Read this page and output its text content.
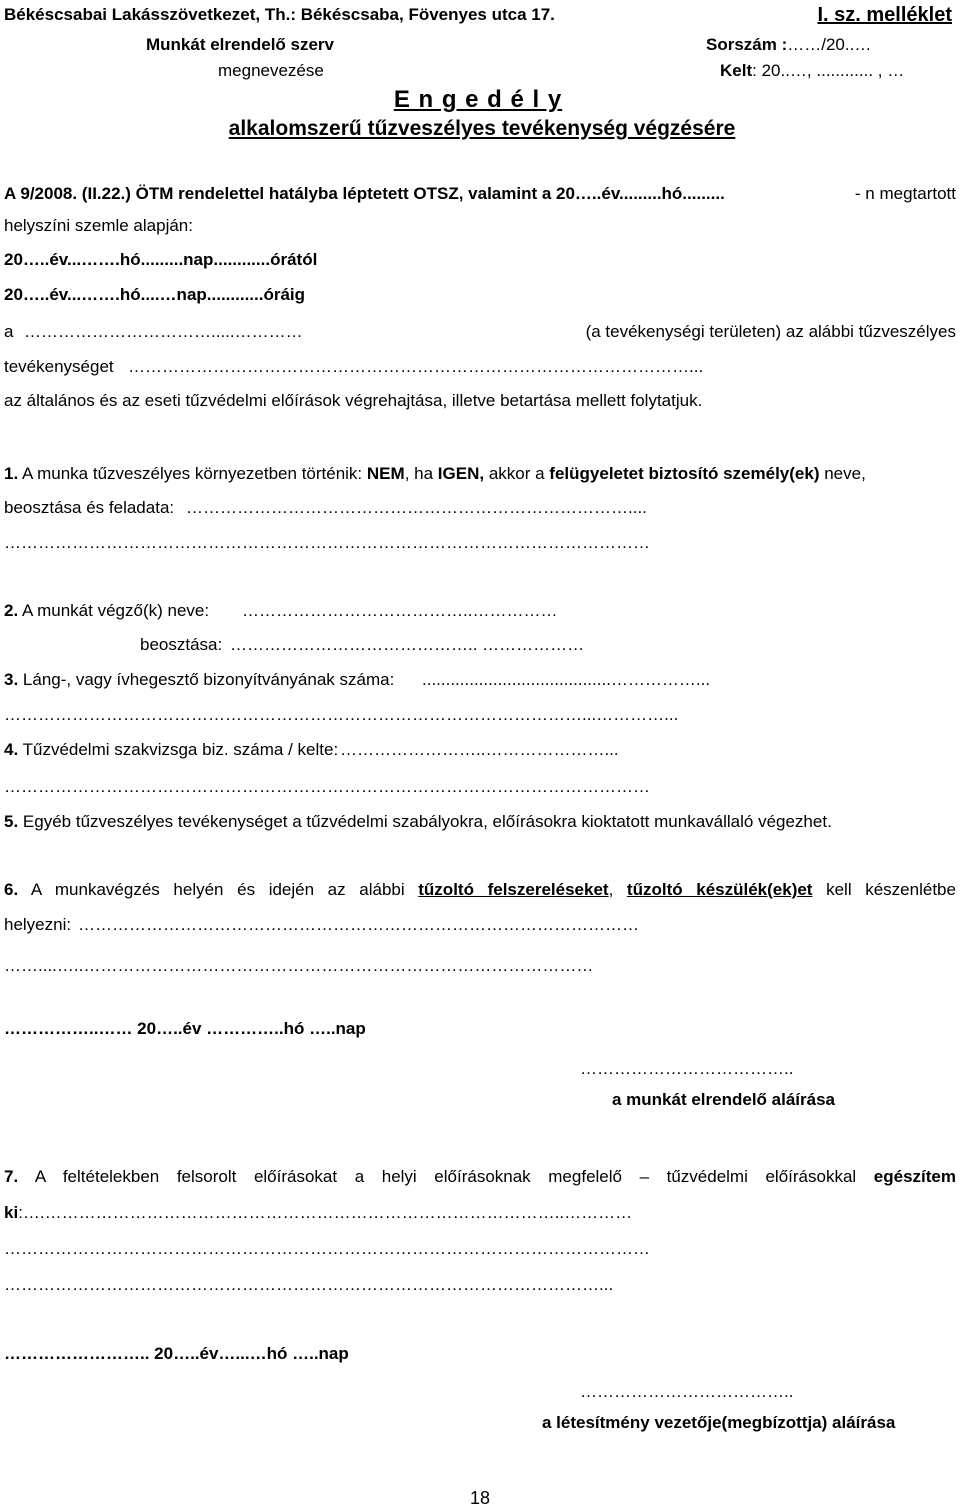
Békéscsabai Lakásszövetkezet, Th.: Békéscsaba, Fövenyes utca 17.	I. sz. melléklet
Munkát elrendelő szerv	Sorszám :……/20..…
megnevezése	Kelt: 20..…, ............ , …
E n g e d é l y
alkalomszerű tűzveszélyes tevékenység végzésére
A 9/2008. (II.22.) ÖTM rendelettel hatályba léptetett OTSZ, valamint a 20…..év.........hó.........	- n megtartott
helyszíni szemle alapján:
20…..év...…….hó.........nap............órától
20…..év...…….hó....…nap............óráig
a …………………………….....…………	(a tevékenységi területen) az alábbi tűzveszélyes
tevékenységet ………………………………………………………………………………………...
az általános és az eseti tűzvédelmi előírások végrehajtása, illetve betartása mellett folytatjuk.
1. A munka tűzveszélyes környezetben történik: NEM, ha IGEN, akkor a felügyeletet biztosító személy(ek) neve,
beosztása és feladata: ……………………………………………………………………....
……………………………………………………………………………………………………
2. A munkát végző(k) neve: …………………………………..……………
beosztása: …………………………………….. ………………
3. Láng-, vagy ívhegesztő bizonyítványának száma: ........................................……………...
…………………………………………………………………………………………...…………...
4. Tűzvédelmi szakvizsga biz. száma / kelte: ……………………..…………………...
……………………………………………………………………………………………………
5. Egyéb tűzveszélyes tevékenységet a tűzvédelmi szabályokra, előírásokra kioktatott munkavállaló végezhet.
6. A munkavégzés helyén és idején az alábbi tűzoltó felszereléseket, tűzoltó készülék(ek)et kell készenlétbe
helyezni: ………………………………………………………………………………………
……....…..………………………………………………………………………………
……………..…… 20…..év …………..hó …..nap
………………………………..
a munkát elrendelő aláírása
7. A feltételekben felsorolt előírásokat a helyi előírásoknak megfelelő – tűzvédelmi előírásokkal egészítem
ki:….………………………………………………………………………………..…………
……………………………………………………………………………………………………
……………………………………………………………………………………………...
…………………….. 20…..év…...…hó …..nap
………………………………..
a létesítmény vezetője(megbízottja) aláírása
18
